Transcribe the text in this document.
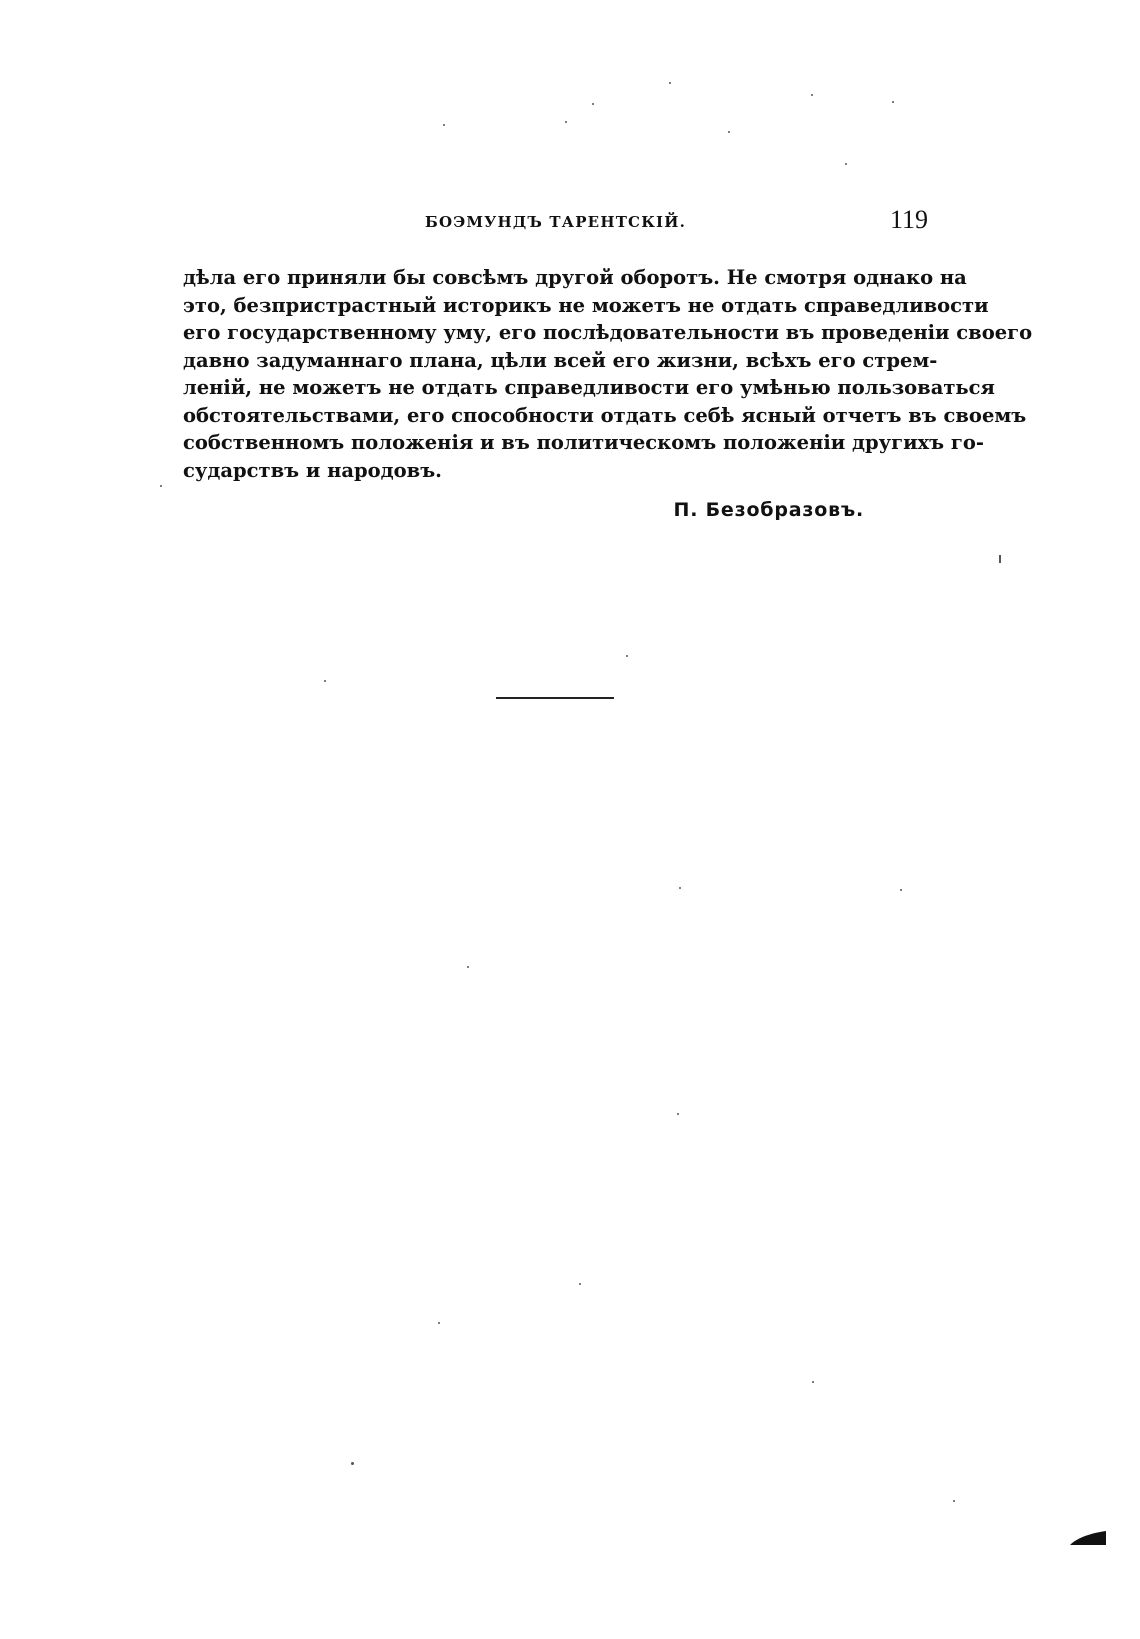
БОЭМУНДЪ ТАРЕНТСКІЙ.	119
дѣла его приняли бы совсѣмъ другой оборотъ. Не смотря однако на
это, безпристрастный историкъ не можетъ не отдать справедливости
его государственному уму, его послѣдовательности въ проведеніи своего
давно задуманнаго плана, цѣли всей его жизни, всѣхъ его стрем-
леній, не можетъ не отдать справедливости его умѣнью пользоваться
обстоятельствами, его способности отдать себѣ ясный отчетъ въ своемъ
собственномъ положенія и въ политическомъ положеніи другихъ го-
сударствъ и народовъ.
П. Безобразовъ.
